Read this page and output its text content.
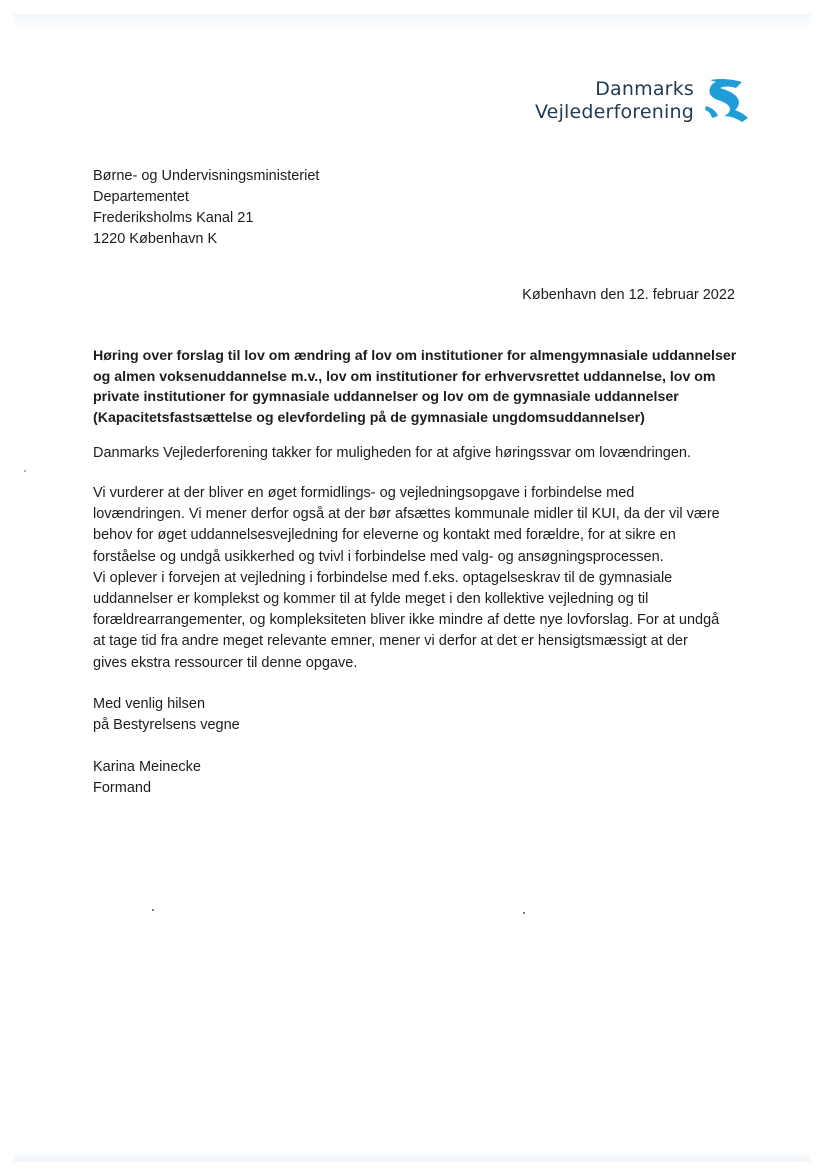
Danmarks
Vejlederforening
Børne- og Undervisningsministeriet
Departementet
Frederiksholms Kanal 21
1220 København K
København den 12. februar 2022
Høring over forslag til lov om ændring af lov om institutioner for almengymnasiale uddannelser
og almen voksenuddannelse m.v., lov om institutioner for erhvervsrettet uddannelse, lov om
private institutioner for gymnasiale uddannelser og lov om de gymnasiale uddannelser
(Kapacitetsfastsættelse og elevfordeling på de gymnasiale ungdomsuddannelser)
Danmarks Vejlederforening takker for muligheden for at afgive høringssvar om lovændringen.
Vi vurderer at der bliver en øget formidlings- og vejledningsopgave i forbindelse med
lovændringen. Vi mener derfor også at der bør afsættes kommunale midler til KUI, da der vil være
behov for øget uddannelsesvejledning for eleverne og kontakt med forældre, for at sikre en
forståelse og undgå usikkerhed og tvivl i forbindelse med valg- og ansøgningsprocessen.
Vi oplever i forvejen at vejledning i forbindelse med f.eks. optagelseskrav til de gymnasiale
uddannelser er komplekst og kommer til at fylde meget i den kollektive vejledning og til
forældrearrangementer, og kompleksiteten bliver ikke mindre af dette nye lovforslag. For at undgå
at tage tid fra andre meget relevante emner, mener vi derfor at det er hensigtsmæssigt at der
gives ekstra ressourcer til denne opgave.
Med venlig hilsen
på Bestyrelsens vegne
Karina Meinecke
Formand
